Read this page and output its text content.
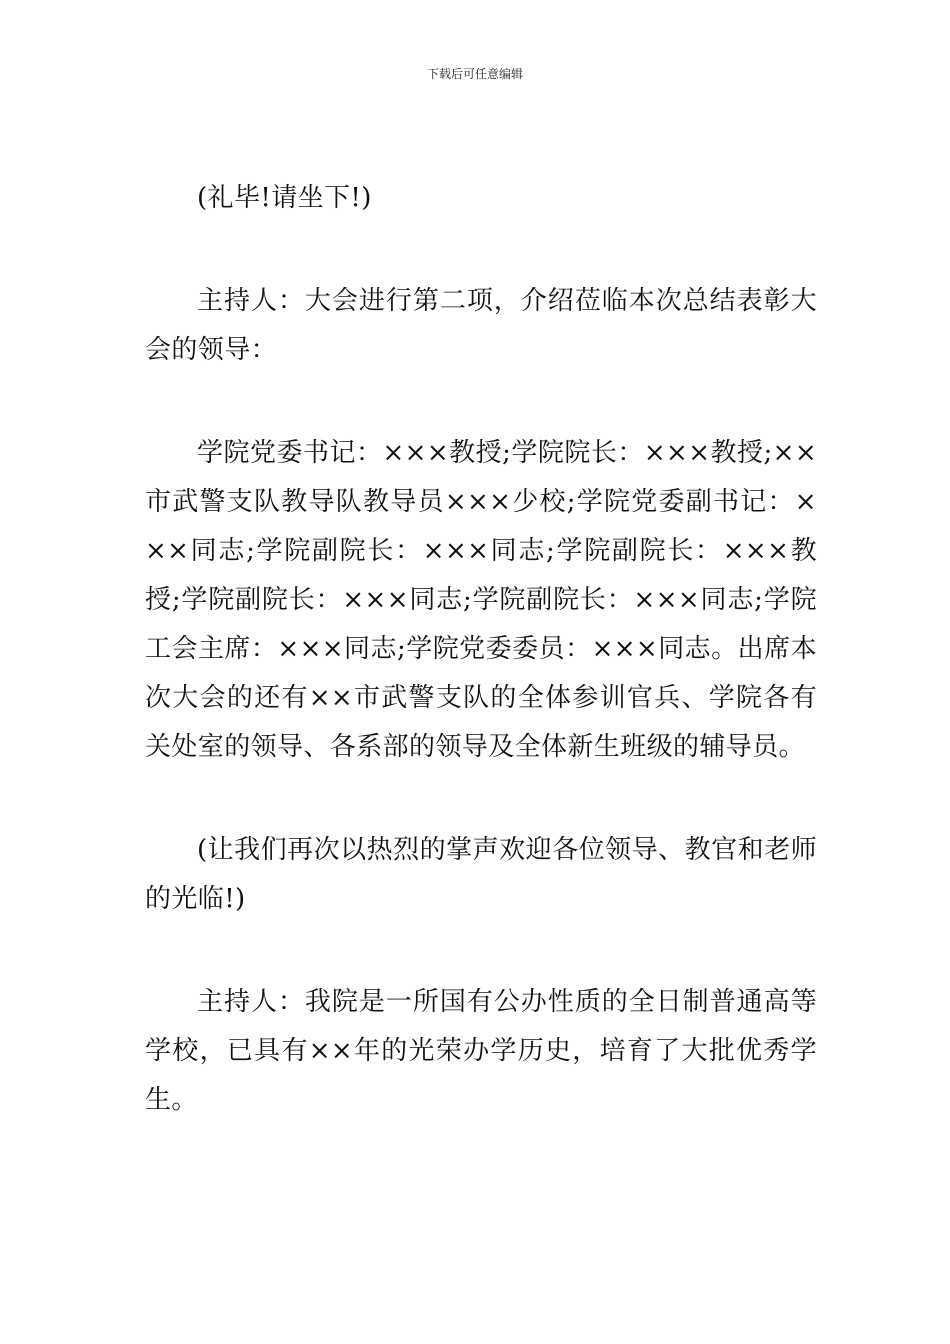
下载后可任意编辑

(礼毕!请坐下!)

主持人：大会进行第二项，介绍莅临本次总结表彰大会的领导：

学院党委书记：×××教授;学院院长：×××教授;××市武警支队教导队教导员×××少校;学院党委副书记：×××同志;学院副院长：×××同志;学院副院长：×××教授;学院副院长：×××同志;学院副院长：×××同志;学院工会主席：×××同志;学院党委委员：×××同志。出席本次大会的还有××市武警支队的全体参训官兵、学院各有关处室的领导、各系部的领导及全体新生班级的辅导员。

(让我们再次以热烈的掌声欢迎各位领导、教官和老师的光临!)

主持人：我院是一所国有公办性质的全日制普通高等学校，已具有××年的光荣办学历史，培育了大批优秀学生。
